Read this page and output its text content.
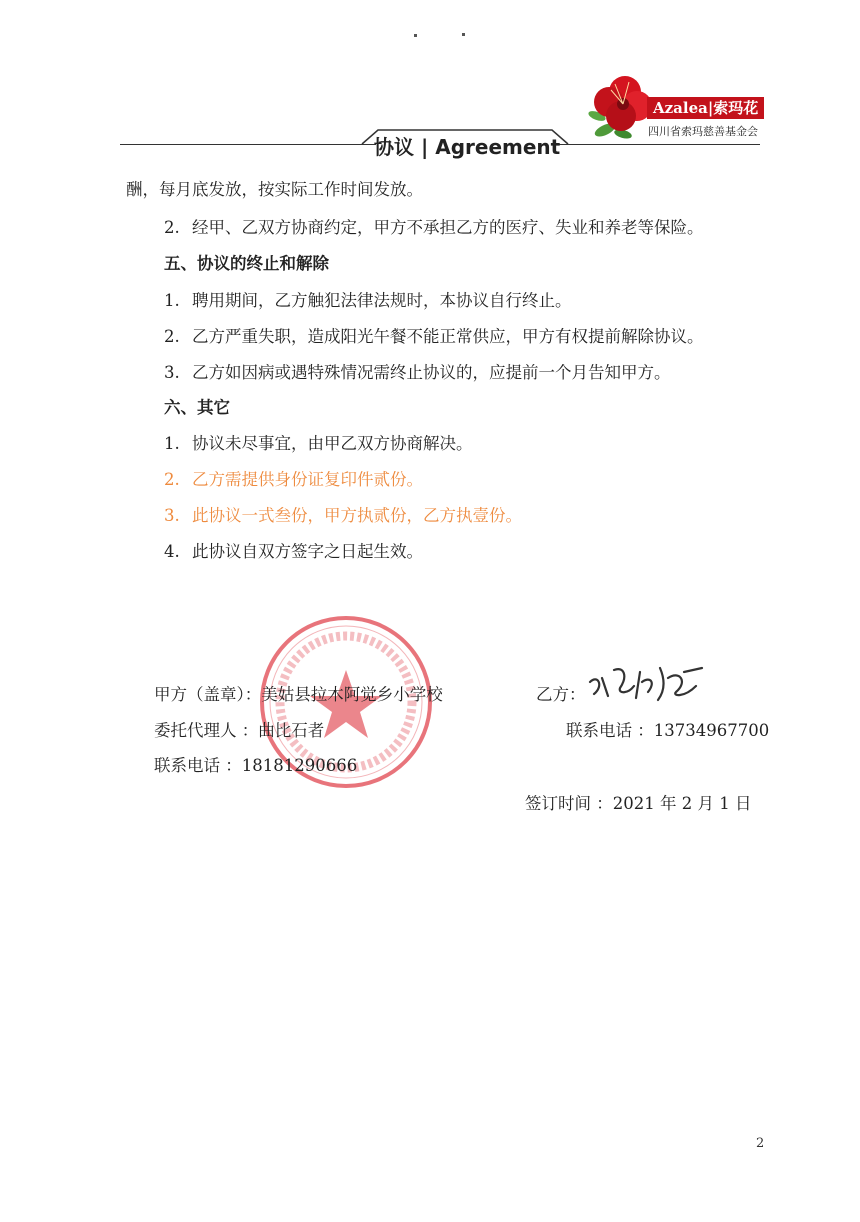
协议 | Agreement
Azalea|索玛花
四川省索玛慈善基金会
酬，每月底发放，按实际工作时间发放。
2. 经甲、乙双方协商约定，甲方不承担乙方的医疗、失业和养老等保险。
五、协议的终止和解除
1. 聘用期间，乙方触犯法律法规时，本协议自行终止。
2. 乙方严重失职，造成阳光午餐不能正常供应，甲方有权提前解除协议。
3. 乙方如因病或遇特殊情况需终止协议的，应提前一个月告知甲方。
六、其它
1. 协议未尽事宜，由甲乙双方协商解决。
2. 乙方需提供身份证复印件贰份。
3. 此协议一式叁份，甲方执贰份，乙方执壹份。
4. 此协议自双方签字之日起生效。
甲方（盖章）：美姑县拉木阿觉乡小学校	乙方：
委托代理人 ：曲比石者	联系电话 ：13734967700
联系电话 ：18181290666
签订时间 ：2021 年 2 月 1 日
2
